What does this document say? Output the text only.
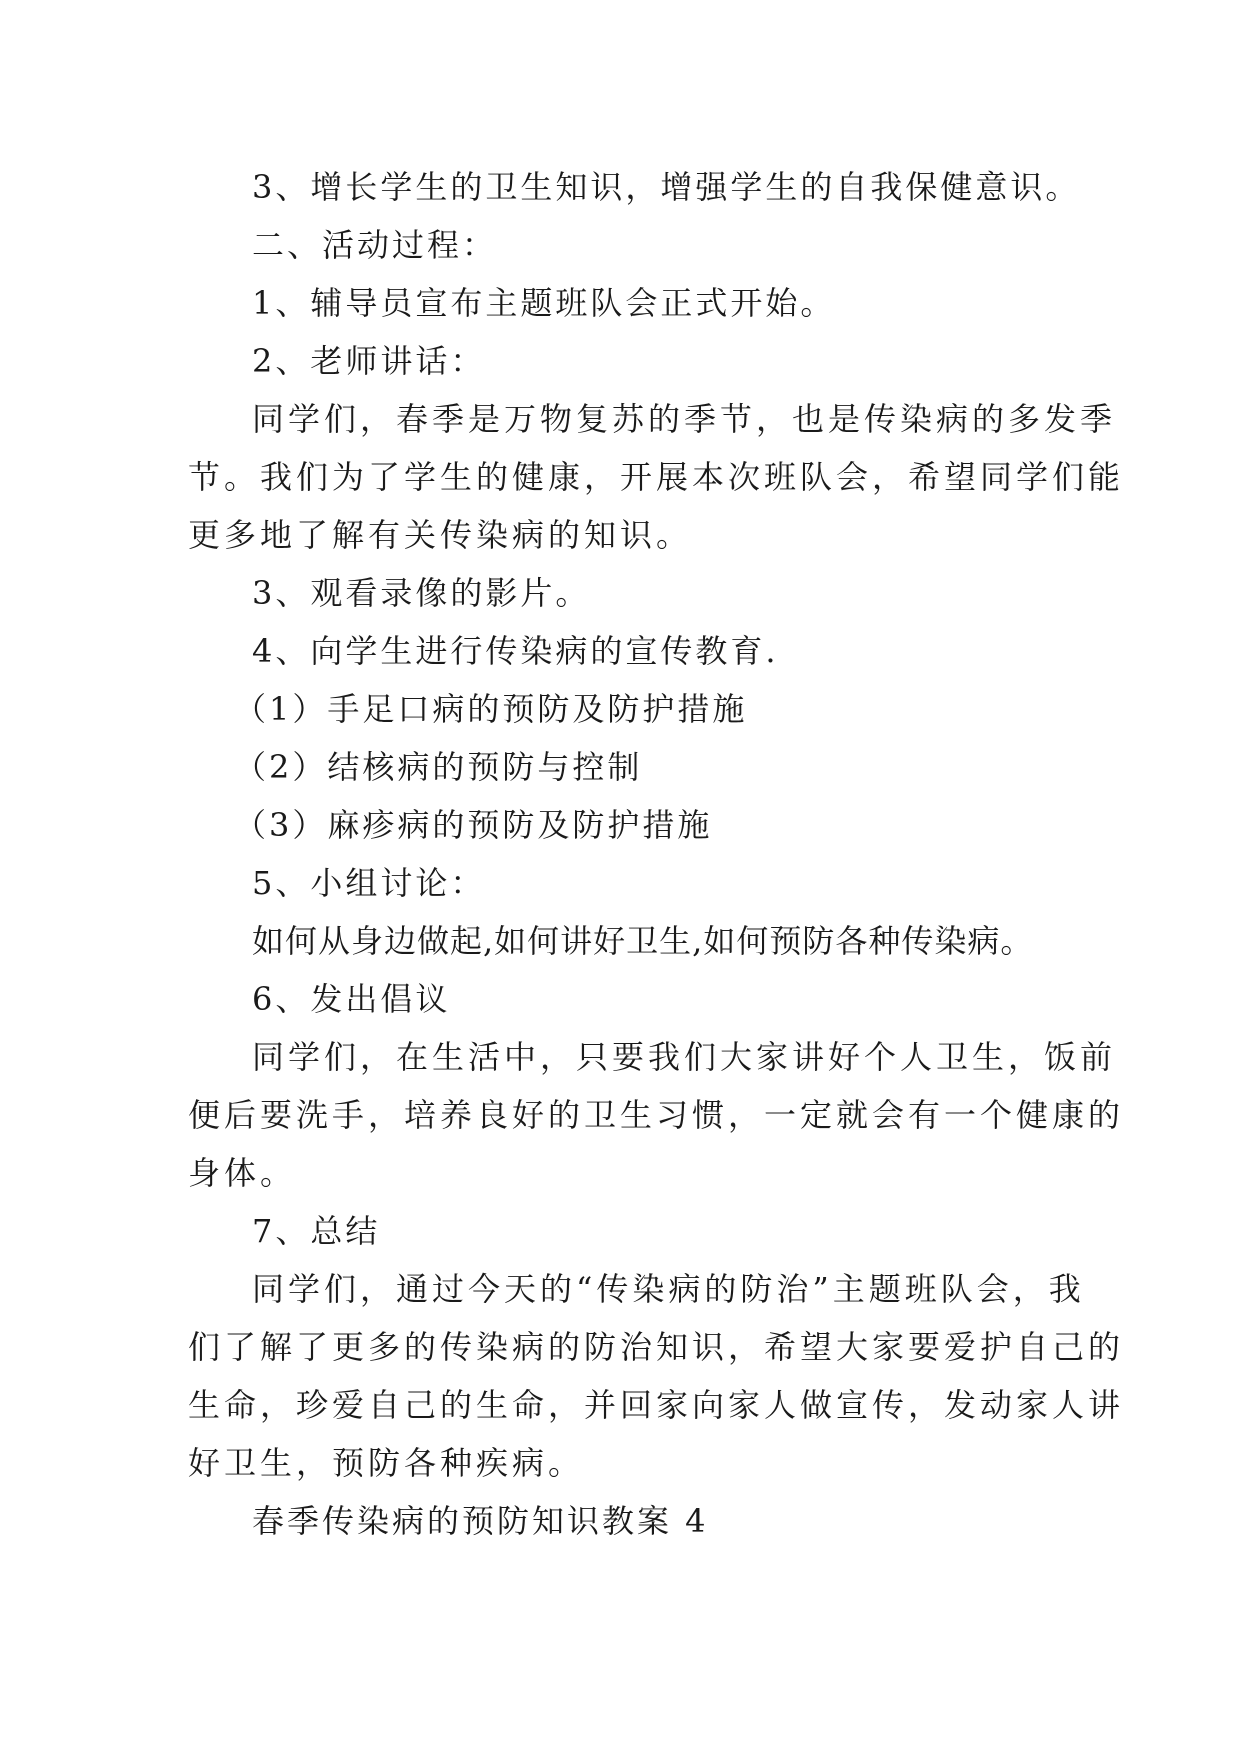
3、增长学生的卫生知识，增强学生的自我保健意识。
二、活动过程：
1、辅导员宣布主题班队会正式开始。
2、老师讲话：
同学们，春季是万物复苏的季节，也是传染病的多发季
节。我们为了学生的健康，开展本次班队会，希望同学们能
更多地了解有关传染病的知识。
3、观看录像的影片。
4、向学生进行传染病的宣传教育.
（1）手足口病的预防及防护措施
（2）结核病的预防与控制
（3）麻疹病的预防及防护措施
5、小组讨论：
如何从身边做起,如何讲好卫生,如何预防各种传染病。
6、发出倡议
同学们，在生活中，只要我们大家讲好个人卫生，饭前
便后要洗手，培养良好的卫生习惯，一定就会有一个健康的
身体。
7、总结
同学们，通过今天的“传染病的防治”主题班队会，我
们了解了更多的传染病的防治知识，希望大家要爱护自己的
生命，珍爱自己的生命，并回家向家人做宣传，发动家人讲
好卫生，预防各种疾病。
春季传染病的预防知识教案 4
